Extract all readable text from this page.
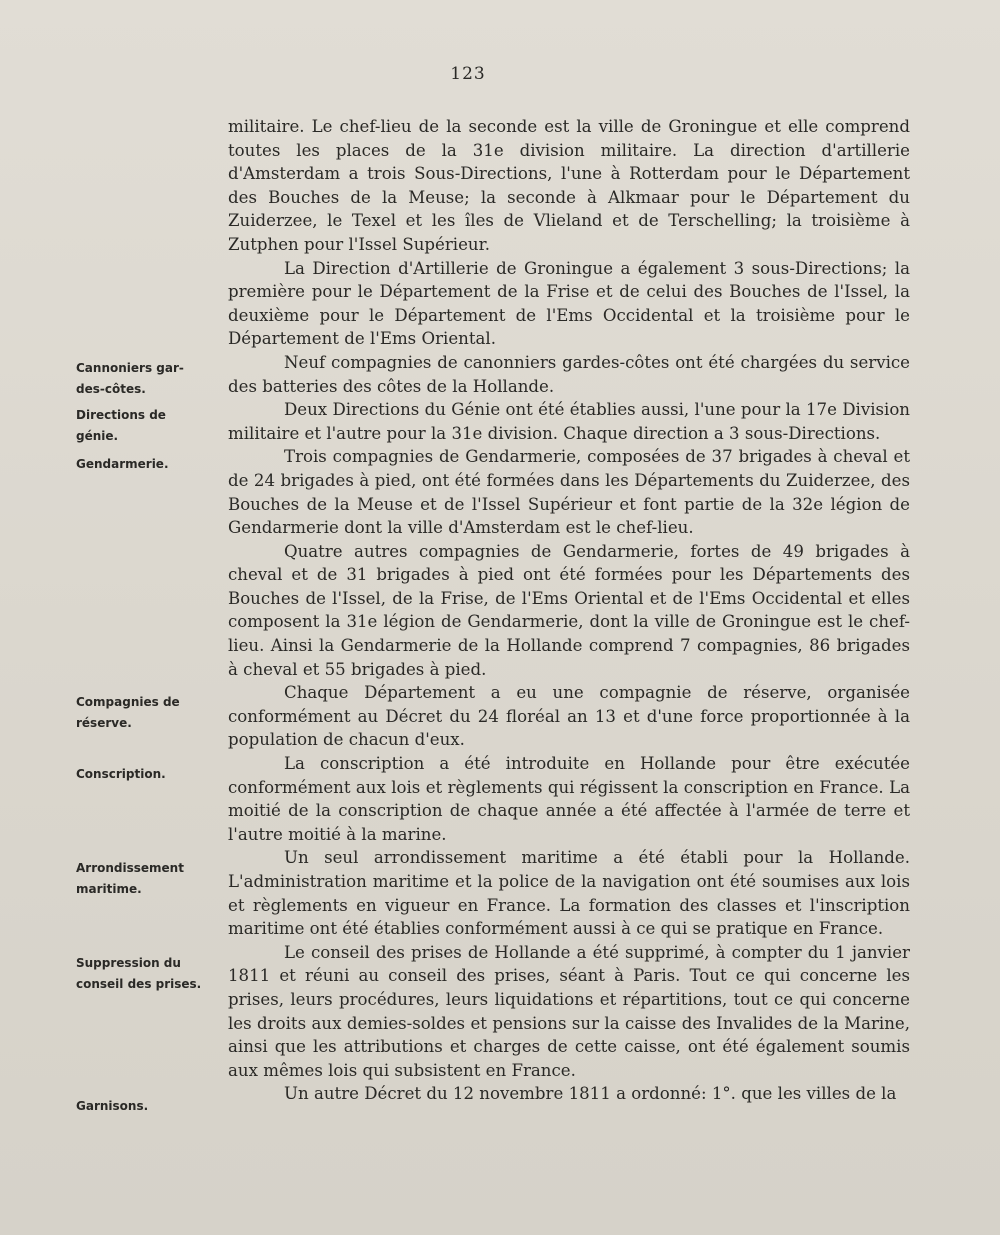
123

militaire. Le chef-lieu de la seconde est la ville de Groningue et elle comprend toutes les places de la 31e division militaire. La direction d'artillerie d'Amsterdam a trois Sous-Directions, l'une à Rotterdam pour le Département des Bouches de la Meuse; la seconde à Alkmaar pour le Département du Zuiderzee, le Texel et les îles de Vlieland et de Terschelling; la troisième à Zutphen pour l'Issel Supérieur.

La Direction d'Artillerie de Groningue a également 3 sous-Directions; la première pour le Département de la Frise et de celui des Bouches de l'Issel, la deuxième pour le Département de l'Ems Occidental et la troisième pour le Département de l'Ems Oriental.

Neuf compagnies de canonniers gardes-côtes ont été chargées du service des batteries des côtes de la Hollande.

Deux Directions du Génie ont été établies aussi, l'une pour la 17e Division militaire et l'autre pour la 31e division. Chaque direction a 3 sous-Directions.

Trois compagnies de Gendarmerie, composées de 37 brigades à cheval et de 24 brigades à pied, ont été formées dans les Départements du Zuiderzee, des Bouches de la Meuse et de l'Issel Supérieur et font partie de la 32e légion de Gendarmerie dont la ville d'Amsterdam est le chef-lieu.

Quatre autres compagnies de Gendarmerie, fortes de 49 brigades à cheval et de 31 brigades à pied ont été formées pour les Départements des Bouches de l'Issel, de la Frise, de l'Ems Oriental et de l'Ems Occidental et elles composent la 31e légion de Gendarmerie, dont la ville de Groningue est le chef-lieu. Ainsi la Gendarmerie de la Hollande comprend 7 compagnies, 86 brigades à cheval et 55 brigades à pied.

Chaque Département a eu une compagnie de réserve, organisée conformément au Décret du 24 floréal an 13 et d'une force proportionnée à la population de chacun d'eux.

La conscription a été introduite en Hollande pour être exécutée conformément aux lois et règlements qui régissent la conscription en France. La moitié de la conscription de chaque année a été affectée à l'armée de terre et l'autre moitié à la marine.

Un seul arrondissement maritime a été établi pour la Hollande. L'administration maritime et la police de la navigation ont été soumises aux lois et règlements en vigueur en France. La formation des classes et l'inscription maritime ont été établies conformément aussi à ce qui se pratique en France.

Le conseil des prises de Hollande a été supprimé, à compter du 1 janvier 1811 et réuni au conseil des prises, séant à Paris. Tout ce qui concerne les prises, leurs procédures, leurs liquidations et répartitions, tout ce qui concerne les droits aux demies-soldes et pensions sur la caisse des Invalides de la Marine, ainsi que les attributions et charges de cette caisse, ont été également soumis aux mêmes lois qui subsistent en France.

Un autre Décret du 12 novembre 1811 a ordonné: 1°. que les villes de la

Cannoniers gar-
des-côtes.
Directions de
génie.
Gendarmerie.
Compagnies de
réserve.
Conscription.
Arrondissement
maritime.
Suppression du
conseil des prises.
Garnisons.
